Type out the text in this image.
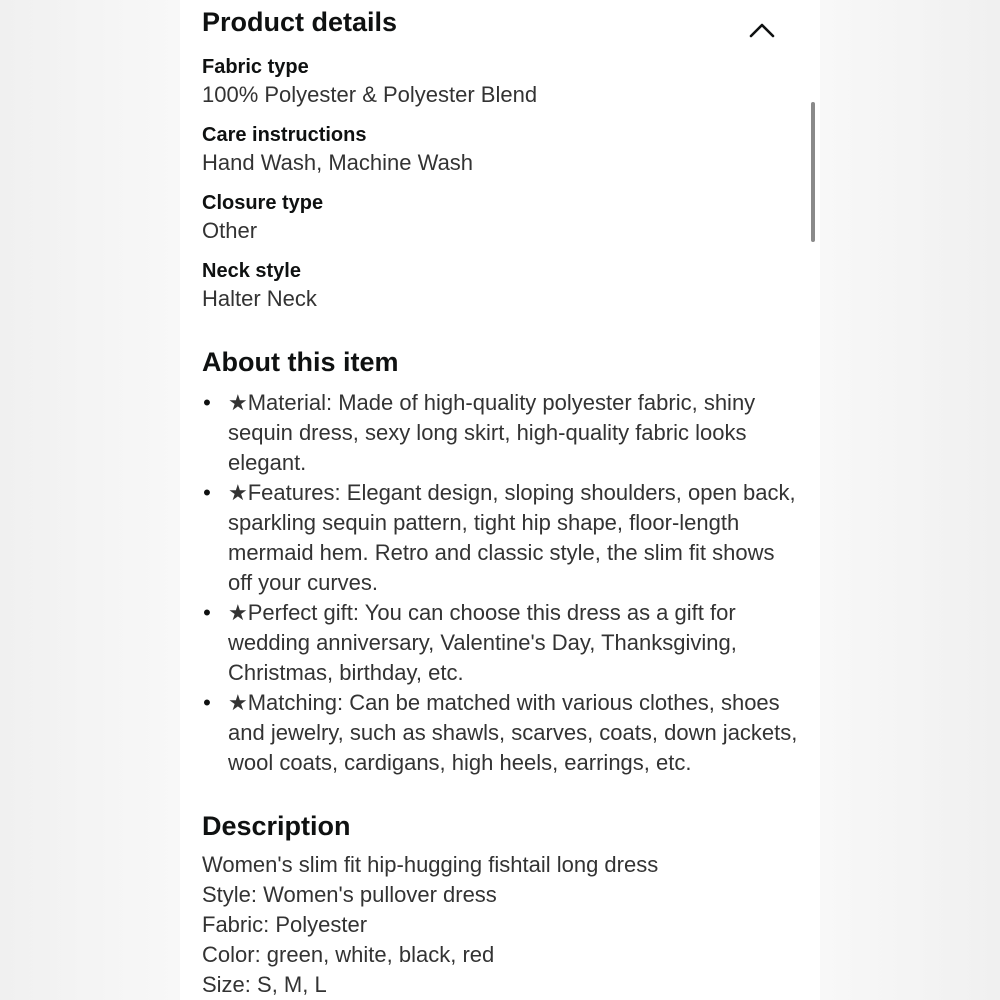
Product details
Fabric type
100% Polyester & Polyester Blend
Care instructions
Hand Wash, Machine Wash
Closure type
Other
Neck style
Halter Neck
About this item
• ★Material: Made of high-quality polyester fabric, shiny sequin dress, sexy long skirt, high-quality fabric looks elegant.
• ★Features: Elegant design, sloping shoulders, open back, sparkling sequin pattern, tight hip shape, floor-length mermaid hem. Retro and classic style, the slim fit shows off your curves.
• ★Perfect gift: You can choose this dress as a gift for wedding anniversary, Valentine's Day, Thanksgiving, Christmas, birthday, etc.
• ★Matching: Can be matched with various clothes, shoes and jewelry, such as shawls, scarves, coats, down jackets, wool coats, cardigans, high heels, earrings, etc.
Description
Women's slim fit hip-hugging fishtail long dress
Style: Women's pullover dress
Fabric: Polyester
Color: green, white, black, red
Size: S, M, L
